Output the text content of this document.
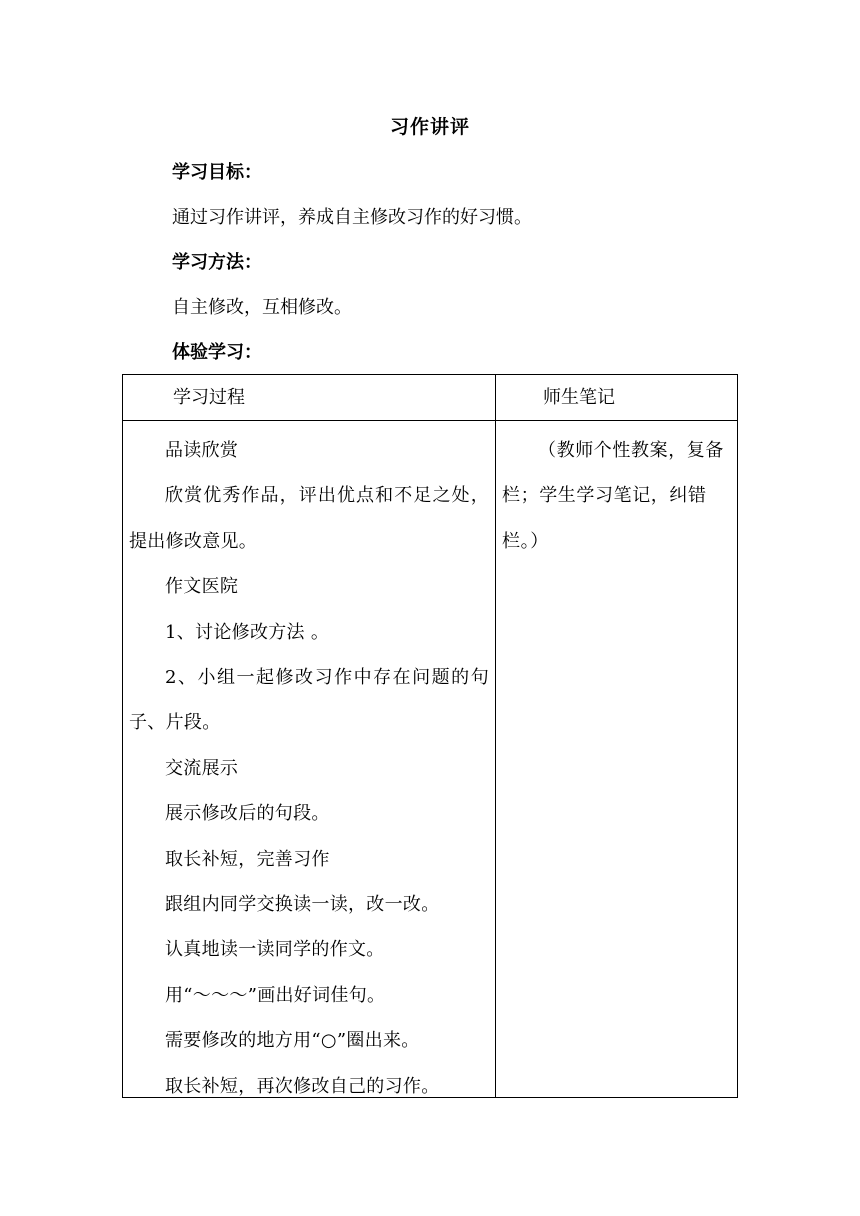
习作讲评
学习目标：
通过习作讲评，养成自主修改习作的好习惯。
学习方法：
自主修改，互相修改。
体验学习：
学习过程	师生笔记

品读欣赏

欣赏优秀作品，评出优点和不足之处，提出修改意见。

作文医院

1、讨论修改方法 。

2、小组一起修改习作中存在问题的句子、片段。

交流展示

展示修改后的句段。

取长补短，完善习作

跟组内同学交换读一读，改一改。

认真地读一读同学的作文。

用“～～～”画出好词佳句。

需要修改的地方用“○”圈出来。

取长补短，再次修改自己的习作。

（教师个性教案，复备栏；学生学习笔记，纠错栏。）
